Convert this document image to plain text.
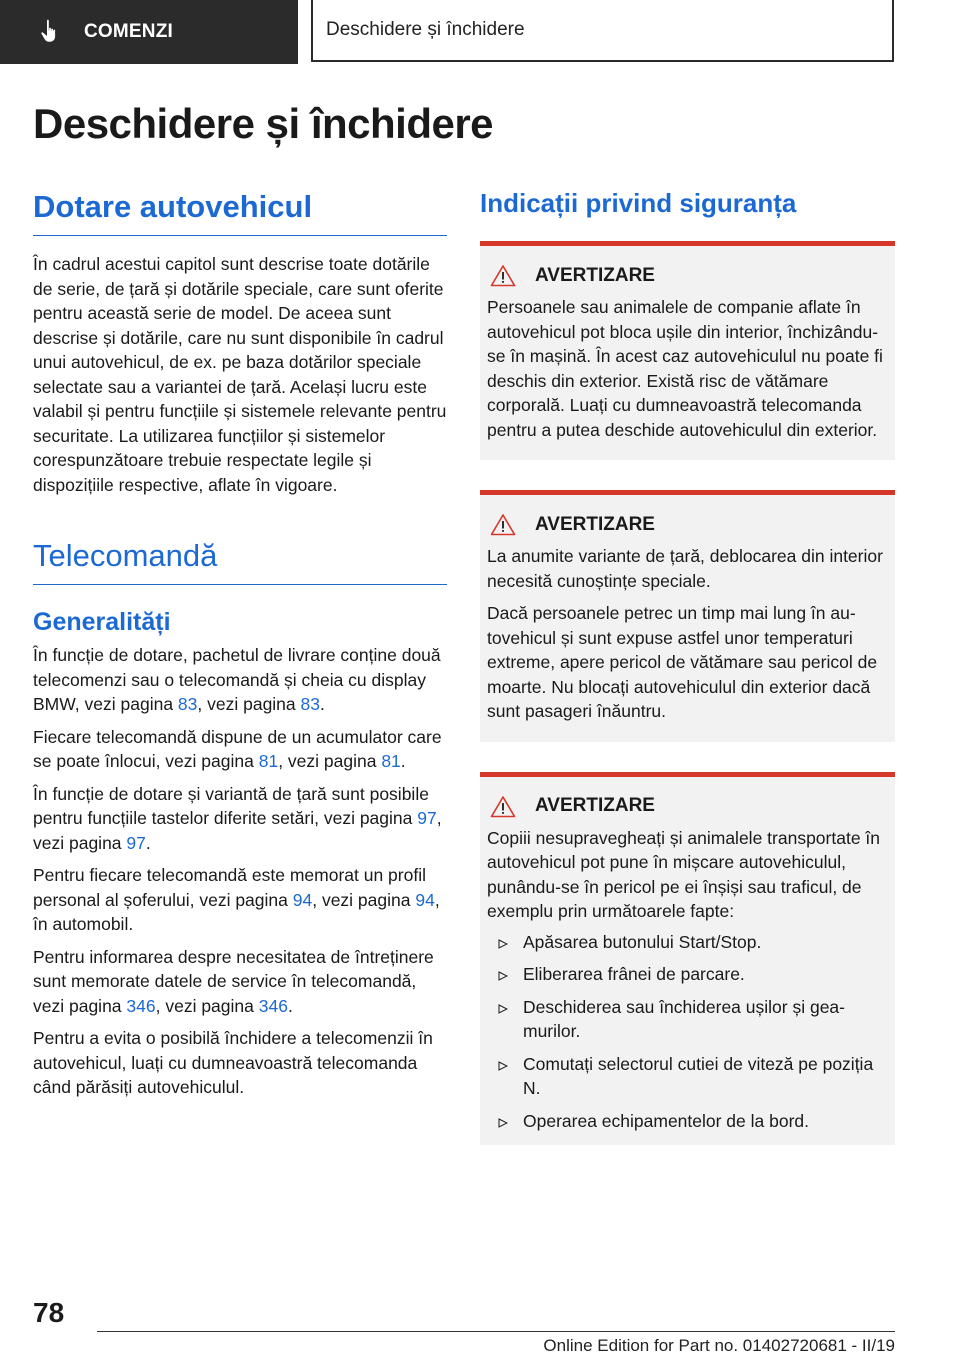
COMENZI	Deschidere și închidere
Deschidere și închidere
Dotare autovehicul

În cadrul acestui capitol sunt descrise toate dotările de serie, de țară și dotările speciale, care sunt oferite pentru această serie de model. De aceea sunt descrise și dotările, care nu sunt disponibile în cadrul unui autovehicul, de ex. pe baza dotărilor speciale selectate sau a variantei de țară. Același lucru este valabil și pentru funcțiile și sistemele relevante pentru securitate. La utilizarea funcțiilor și sistemelor corespunzătoare trebuie respectate legile și dispozițiile respective, aflate în vigoare.

Telecomandă
Generalități

În funcție de dotare, pachetul de livrare conține două telecomenzi sau o telecomandă și cheia cu display BMW, vezi pagina 83, vezi pagina 83.

Fiecare telecomandă dispune de un acumulator care se poate înlocui, vezi pagina 81, vezi pagina 81.

În funcție de dotare și variantă de țară sunt posibile pentru funcțiile tastelor diferite setări, vezi pagina 97, vezi pagina 97.

Pentru fiecare telecomandă este memorat un profil personal al șoferului, vezi pagina 94, vezi pagina 94, în automobil.

Pentru informarea despre necesitatea de întreținere sunt memorate datele de service în telecomandă, vezi pagina 346, vezi pagina 346.

Pentru a evita o posibilă închidere a telecomenzii în autovehicul, luați cu dumneavoastră telecomanda când părăsiți autovehiculul.

Indicații privind siguranța
AVERTIZARE

Persoanele sau animalele de companie aflate în autovehicul pot bloca ușile din interior, închizându-se în mașină. În acest caz autovehiculul nu poate fi deschis din exterior. Există risc de vătămare corporală. Luați cu dumneavoastră telecomanda pentru a putea deschide autovehiculul din exterior.

AVERTIZARE

La anumite variante de țară, deblocarea din interior necesită cunoștințe speciale.

Dacă persoanele petrec un timp mai lung în autovehicul și sunt expuse astfel unor temperaturi extreme, apere pericol de vătămare sau pericol de moarte. Nu blocați autovehiculul din exterior dacă sunt pasageri înăuntru.

AVERTIZARE

Copiii nesupravegheați și animalele transportate în autovehicul pot pune în mișcare autovehiculul, punându-se în pericol pe ei înșiși sau traficul, de exemplu prin următoarele fapte:

Apăsarea butonului Start/Stop.
Eliberarea frânei de parcare.
Deschiderea sau închiderea ușilor și geamurilor.
Comutați selectorul cutiei de viteză pe poziția N.
Operarea echipamentelor de la bord.
78
Online Edition for Part no. 01402720681 - II/19
